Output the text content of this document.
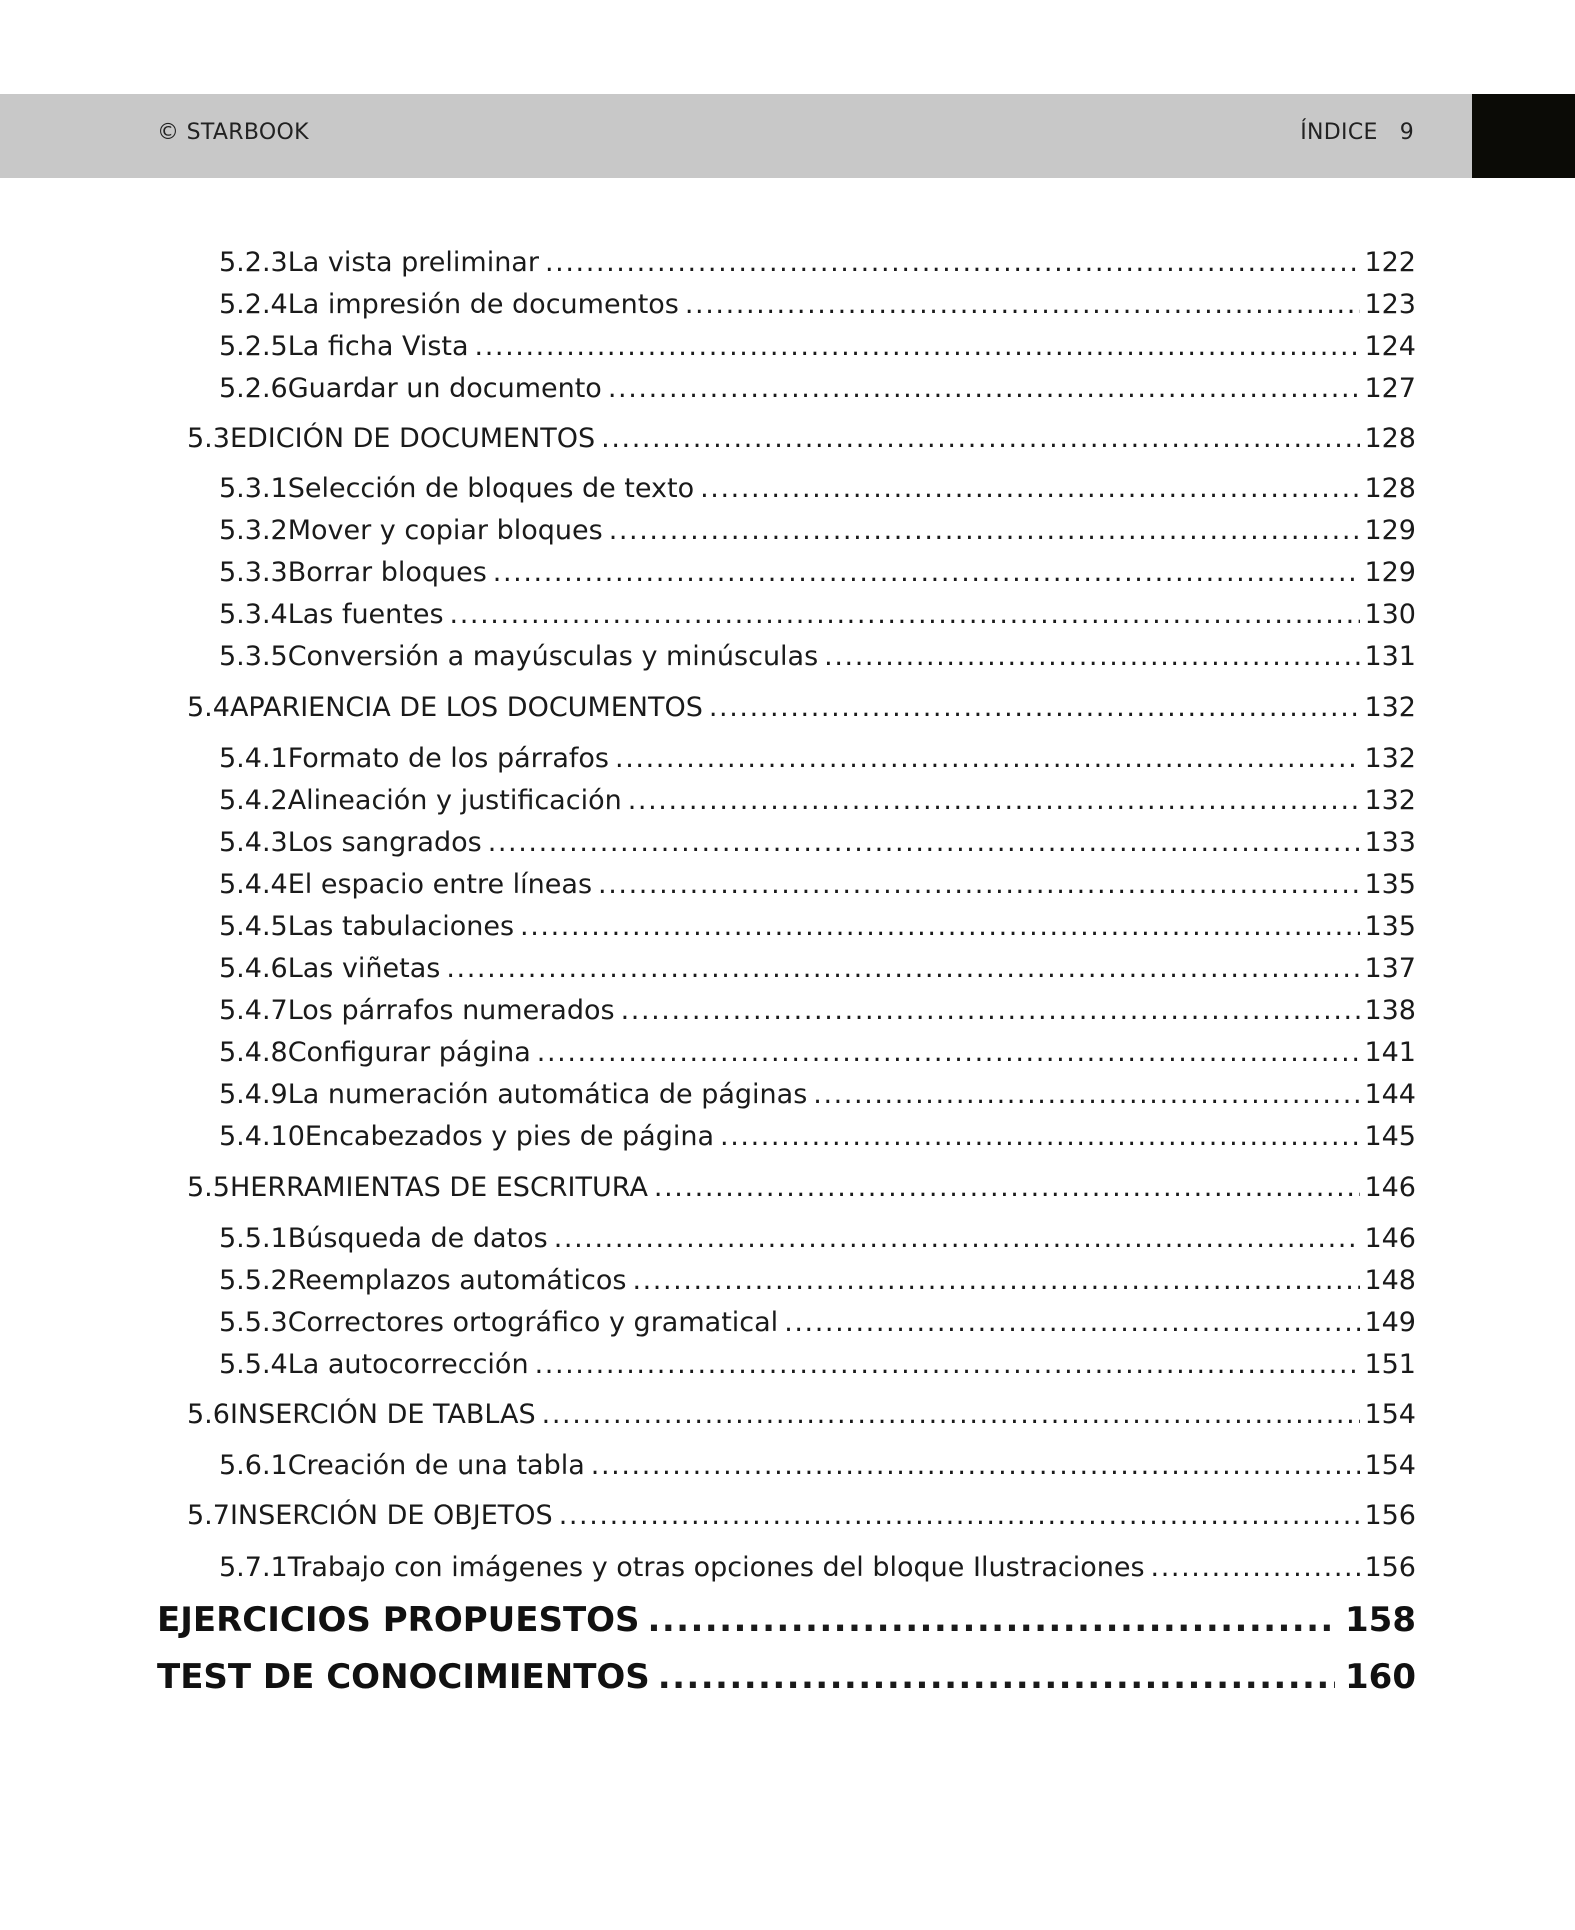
© STARBOOK	ÍNDICE 9
5.2.3 La vista preliminar .....	122
5.2.4 La impresión de documentos .....	123
5.2.5 La ficha Vista .....	124
5.2.6 Guardar un documento .....	127
5.3 EDICIÓN DE DOCUMENTOS .....	128
5.3.1 Selección de bloques de texto .....	128
5.3.2 Mover y copiar bloques .....	129
5.3.3 Borrar bloques .....	129
5.3.4 Las fuentes .....	130
5.3.5 Conversión a mayúsculas y minúsculas .....	131
5.4 APARIENCIA DE LOS DOCUMENTOS .....	132
5.4.1 Formato de los párrafos .....	132
5.4.2 Alineación y justificación .....	132
5.4.3 Los sangrados .....	133
5.4.4 El espacio entre líneas .....	135
5.4.5 Las tabulaciones .....	135
5.4.6 Las viñetas .....	137
5.4.7 Los párrafos numerados .....	138
5.4.8 Configurar página .....	141
5.4.9 La numeración automática de páginas .....	144
5.4.10 Encabezados y pies de página .....	145
5.5 HERRAMIENTAS DE ESCRITURA .....	146
5.5.1 Búsqueda de datos .....	146
5.5.2 Reemplazos automáticos .....	148
5.5.3 Correctores ortográfico y gramatical .....	149
5.5.4 La autocorrección .....	151
5.6 INSERCIÓN DE TABLAS .....	154
5.6.1 Creación de una tabla .....	154
5.7 INSERCIÓN DE OBJETOS .....	156
5.7.1 Trabajo con imágenes y otras opciones del bloque Ilustraciones .....	156
EJERCICIOS PROPUESTOS .....	158
TEST DE CONOCIMIENTOS .....	160
